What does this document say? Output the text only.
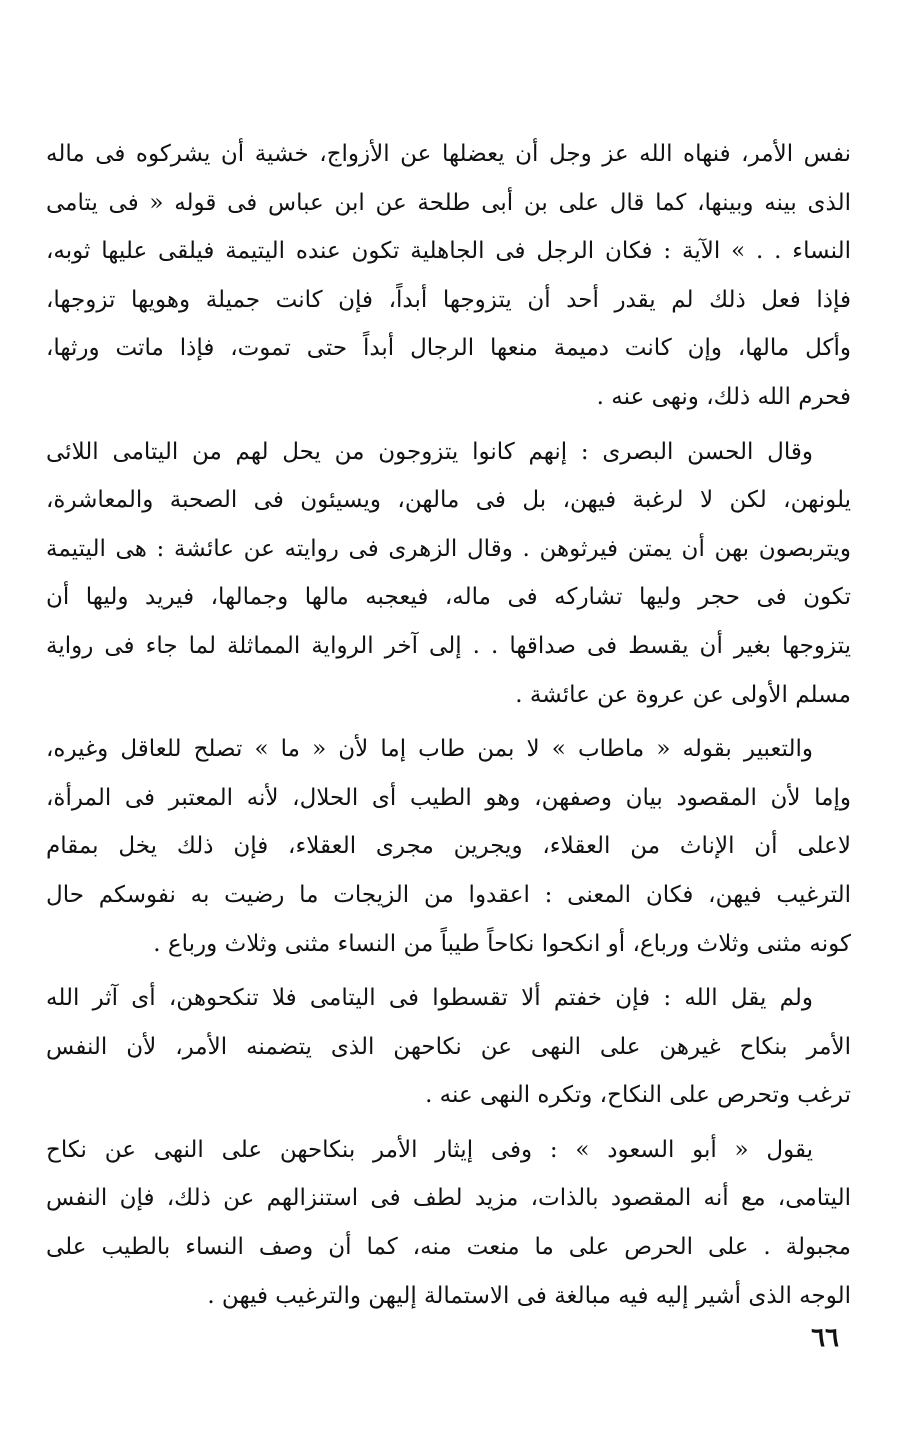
نفس الأمر، فنهاه الله عز وجل أن يعضلها عن الأزواج، خشية أن يشركوه فى ماله
الذى بينه وبينها، كما قال على بن أبى طلحة عن ابن عباس فى قوله « فى يتامى
النساء . . » الآية : فكان الرجل فى الجاهلية تكون عنده اليتيمة فيلقى عليها ثوبه،
فإذا فعل ذلك لم يقدر أحد أن يتزوجها أبداً، فإن كانت جميلة وهويها تزوجها،
وأكل مالها، وإن كانت دميمة منعها الرجال أبداً حتى تموت، فإذا ماتت ورثها،
فحرم الله ذلك، ونهى عنه .
وقال الحسن البصرى : إنهم كانوا يتزوجون من يحل لهم من اليتامى اللائى
يلونهن، لكن لا لرغبة فيهن، بل فى مالهن، ويسيئون فى الصحبة والمعاشرة،
ويتربصون بهن أن يمتن فيرثوهن . وقال الزهرى فى روايته عن عائشة : هى اليتيمة
تكون فى حجر وليها تشاركه فى ماله، فيعجبه مالها وجمالها، فيريد وليها أن
يتزوجها بغير أن يقسط فى صداقها . . إلى آخر الرواية المماثلة لما جاء فى رواية
مسلم الأولى عن عروة عن عائشة .
والتعبير بقوله « ماطاب » لا بمن طاب إما لأن « ما » تصلح للعاقل وغيره،
وإما لأن المقصود بيان وصفهن، وهو الطيب أى الحلال، لأنه المعتبر فى المرأة،
لاعلى أن الإناث من العقلاء، ويجرين مجرى العقلاء، فإن ذلك يخل بمقام
الترغيب فيهن، فكان المعنى : اعقدوا من الزيجات ما رضيت به نفوسكم حال
كونه مثنى وثلاث ورباع، أو انكحوا نكاحاً طيباً من النساء مثنى وثلاث ورباع .
ولم يقل الله : فإن خفتم ألا تقسطوا فى اليتامى فلا تنكحوهن، أى آثر الله
الأمر بنكاح غيرهن على النهى عن نكاحهن الذى يتضمنه الأمر، لأن النفس
ترغب وتحرص على النكاح، وتكره النهى عنه .
يقول « أبو السعود » : وفى إيثار الأمر بنكاحهن على النهى عن نكاح
اليتامى، مع أنه المقصود بالذات، مزيد لطف فى استنزالهم عن ذلك، فإن النفس
مجبولة . على الحرص على ما منعت منه، كما أن وصف النساء بالطيب على
الوجه الذى أشير إليه فيه مبالغة فى الاستمالة إليهن والترغيب فيهن .
٦٦
